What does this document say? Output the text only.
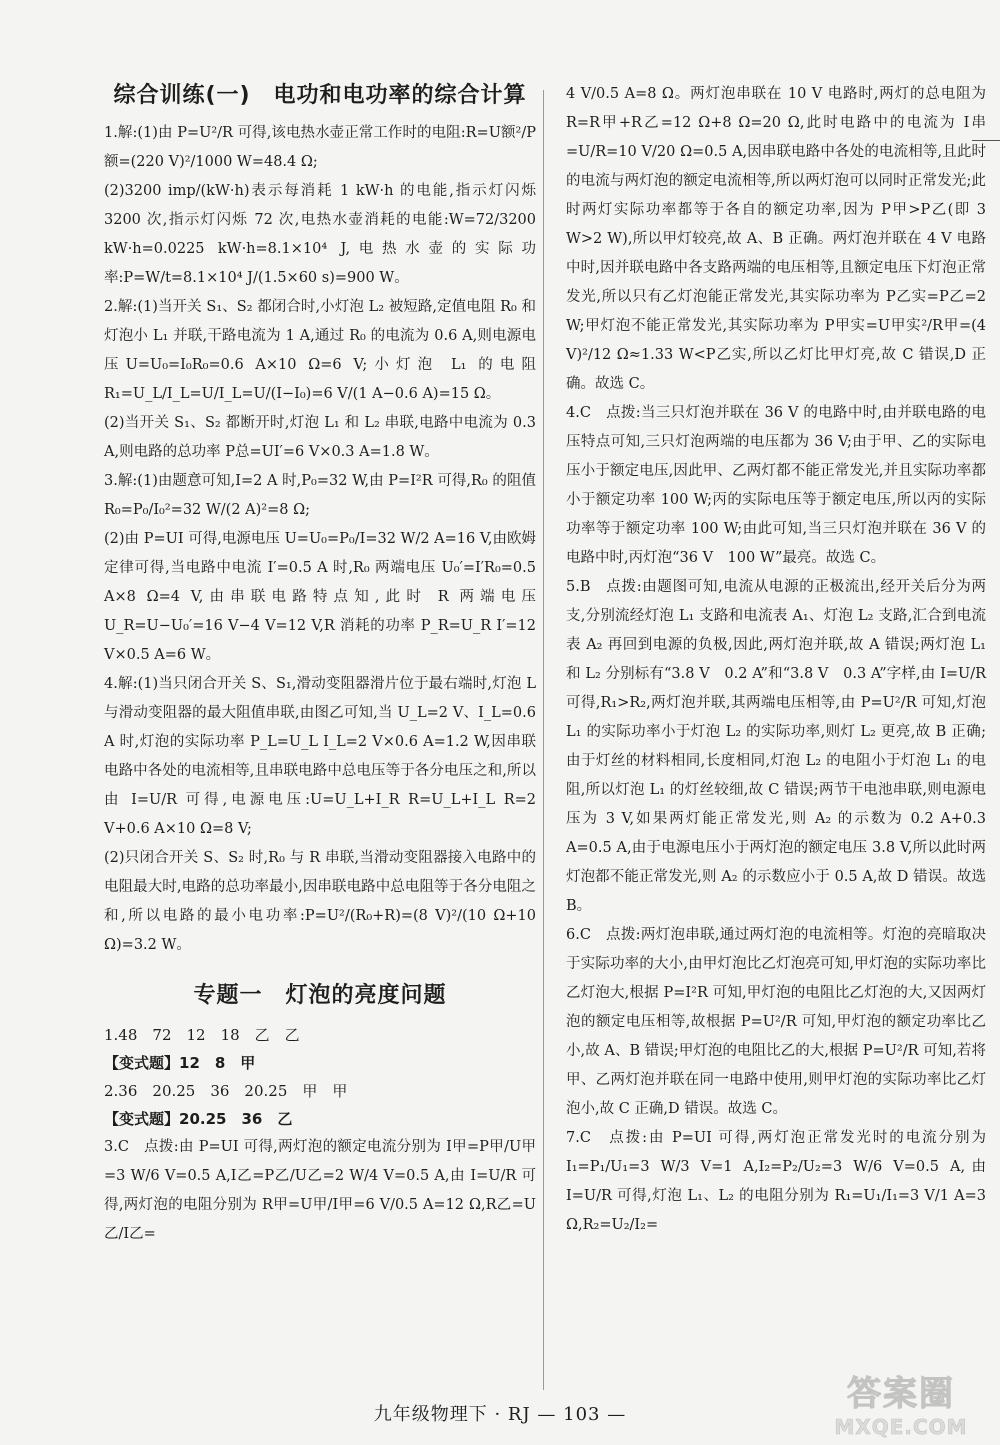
综合训练(一)　电功和电功率的综合计算

1.解:(1)由 P=U²/R 可得,该电热水壶正常工作时的电阻:R=U额²/P额=(220 V)²/1000 W=48.4 Ω;

(2)3200 imp/(kW·h)表示每消耗 1 kW·h 的电能,指示灯闪烁 3200 次,指示灯闪烁 72 次,电热水壶消耗的电能:W=72/3200 kW·h=0.0225 kW·h=8.1×10⁴ J,电热水壶的实际功率:P=W/t=8.1×10⁴ J/(1.5×60 s)=900 W。

2.解:(1)当开关 S₁、S₂ 都闭合时,小灯泡 L₂ 被短路,定值电阻 R₀ 和灯泡小 L₁ 并联,干路电流为 1 A,通过 R₀ 的电流为 0.6 A,则电源电压U=U₀=I₀R₀=0.6 A×10 Ω=6 V;小灯泡 L₁ 的电阻 R₁=U_L/I_L=U/I_L=U/(I−I₀)=6 V/(1 A−0.6 A)=15 Ω。

(2)当开关 S₁、S₂ 都断开时,灯泡 L₁ 和 L₂ 串联,电路中电流为 0.3 A,则电路的总功率 P总=UI′=6 V×0.3 A=1.8 W。

3.解:(1)由题意可知,I=2 A 时,P₀=32 W,由 P=I²R 可得,R₀ 的阻值 R₀=P₀/I₀²=32 W/(2 A)²=8 Ω;

(2)由 P=UI 可得,电源电压 U=U₀=P₀/I=32 W/2 A=16 V,由欧姆定律可得,当电路中电流 I′=0.5 A 时,R₀ 两端电压 U₀′=I′R₀=0.5 A×8 Ω=4 V,由串联电路特点知,此时 R 两端电压 U_R=U−U₀′=16 V−4 V=12 V,R 消耗的功率 P_R=U_R I′=12 V×0.5 A=6 W。

4.解:(1)当只闭合开关 S、S₁,滑动变阻器滑片位于最右端时,灯泡 L 与滑动变阻器的最大阻值串联,由图乙可知,当 U_L=2 V、I_L=0.6 A 时,灯泡的实际功率 P_L=U_L I_L=2 V×0.6 A=1.2 W,因串联电路中各处的电流相等,且串联电路中总电压等于各分电压之和,所以由 I=U/R 可得,电源电压:U=U_L+I_R R=U_L+I_L R=2 V+0.6 A×10 Ω=8 V;

(2)只闭合开关 S、S₂ 时,R₀ 与 R 串联,当滑动变阻器接入电路中的电阻最大时,电路的总功率最小,因串联电路中总电阻等于各分电阻之和,所以电路的最小电功率:P=U²/(R₀+R)=(8 V)²/(10 Ω+10 Ω)=3.2 W。

专题一　灯泡的亮度问题

1.48　72　12　18　乙　乙

【变式题】12　8　甲

2.36　20.25　36　20.25　甲　甲

【变式题】20.25　36　乙

3.C　点拨:由 P=UI 可得,两灯泡的额定电流分别为 I甲=P甲/U甲=3 W/6 V=0.5 A,I乙=P乙/U乙=2 W/4 V=0.5 A,由 I=U/R 可得,两灯泡的电阻分别为 R甲=U甲/I甲=6 V/0.5 A=12 Ω,R乙=U乙/I乙=

4 V/0.5 A=8 Ω。两灯泡串联在 10 V 电路时,两灯的总电阻为 R=R甲+R乙=12 Ω+8 Ω=20 Ω,此时电路中的电流为 I串=U/R=10 V/20 Ω=0.5 A,因串联电路中各处的电流相等,且此时的电流与两灯泡的额定电流相等,所以两灯泡可以同时正常发光;此时两灯实际功率都等于各自的额定功率,因为 P甲>P乙(即 3 W>2 W),所以甲灯较亮,故 A、B 正确。两灯泡并联在 4 V 电路中时,因并联电路中各支路两端的电压相等,且额定电压下灯泡正常发光,所以只有乙灯泡能正常发光,其实际功率为 P乙实=P乙=2 W;甲灯泡不能正常发光,其实际功率为 P甲实=U甲实²/R甲=(4 V)²/12 Ω≈1.33 W<P乙实,所以乙灯比甲灯亮,故 C 错误,D 正确。故选 C。

4.C　点拨:当三只灯泡并联在 36 V 的电路中时,由并联电路的电压特点可知,三只灯泡两端的电压都为 36 V;由于甲、乙的实际电压小于额定电压,因此甲、乙两灯都不能正常发光,并且实际功率都小于额定功率 100 W;丙的实际电压等于额定电压,所以丙的实际功率等于额定功率 100 W;由此可知,当三只灯泡并联在 36 V 的电路中时,丙灯泡“36 V　100 W”最亮。故选 C。

5.B　点拨:由题图可知,电流从电源的正极流出,经开关后分为两支,分别流经灯泡 L₁ 支路和电流表 A₁、灯泡 L₂ 支路,汇合到电流表 A₂ 再回到电源的负极,因此,两灯泡并联,故 A 错误;两灯泡 L₁ 和 L₂ 分别标有“3.8 V　0.2 A”和“3.8 V　0.3 A”字样,由 I=U/R 可得,R₁>R₂,两灯泡并联,其两端电压相等,由 P=U²/R 可知,灯泡 L₁ 的实际功率小于灯泡 L₂ 的实际功率,则灯 L₂ 更亮,故 B 正确;由于灯丝的材料相同,长度相同,灯泡 L₂ 的电阻小于灯泡 L₁ 的电阻,所以灯泡 L₁ 的灯丝较细,故 C 错误;两节干电池串联,则电源电压为 3 V,如果两灯能正常发光,则 A₂ 的示数为 0.2 A+0.3 A=0.5 A,由于电源电压小于两灯泡的额定电压 3.8 V,所以此时两灯泡都不能正常发光,则 A₂ 的示数应小于 0.5 A,故 D 错误。故选 B。

6.C　点拨:两灯泡串联,通过两灯泡的电流相等。灯泡的亮暗取决于实际功率的大小,由甲灯泡比乙灯泡亮可知,甲灯泡的实际功率比乙灯泡大,根据 P=I²R 可知,甲灯泡的电阻比乙灯泡的大,又因两灯泡的额定电压相等,故根据 P=U²/R 可知,甲灯泡的额定功率比乙小,故 A、B 错误;甲灯泡的电阻比乙的大,根据 P=U²/R 可知,若将甲、乙两灯泡并联在同一电路中使用,则甲灯泡的实际功率比乙灯泡小,故 C 正确,D 错误。故选 C。

7.C　点拨:由 P=UI 可得,两灯泡正常发光时的电流分别为 I₁=P₁/U₁=3 W/3 V=1 A,I₂=P₂/U₂=3 W/6 V=0.5 A,由 I=U/R 可得,灯泡 L₁、L₂ 的电阻分别为 R₁=U₁/I₁=3 V/1 A=3 Ω,R₂=U₂/I₂=

九年级物理下 · RJ — 103 —
答案圈
MXQE.COM
